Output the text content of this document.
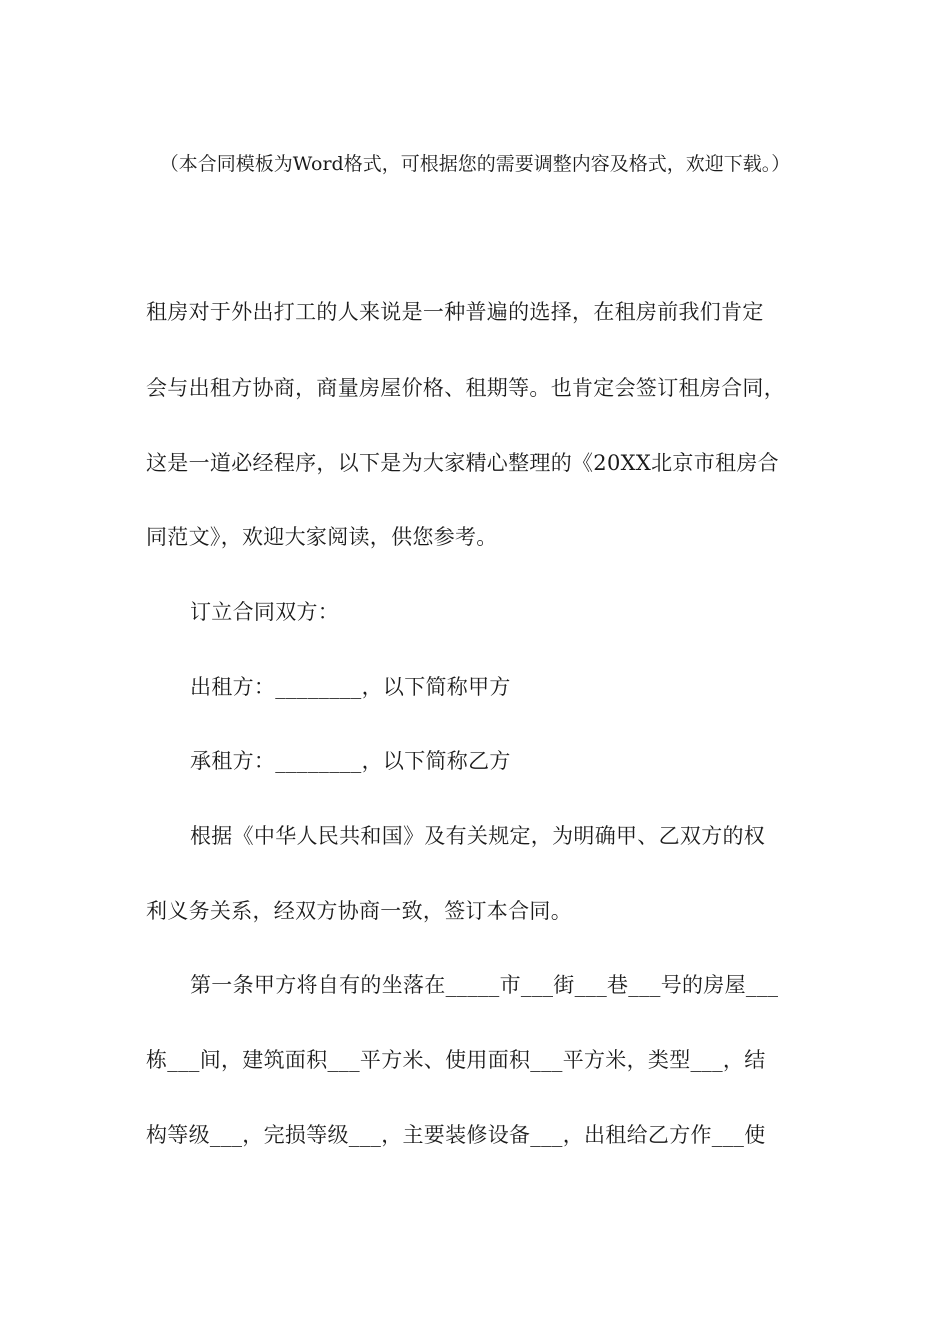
（本合同模板为Word格式，可根据您的需要调整内容及格式，欢迎下载。）
租房对于外出打工的人来说是一种普遍的选择，在租房前我们肯定
会与出租方协商，商量房屋价格、租期等。也肯定会签订租房合同，
这是一道必经程序，以下是为大家精心整理的《20XX北京市租房合
同范文》，欢迎大家阅读，供您参考。
订立合同双方：
出租方：________，以下简称甲方
承租方：________，以下简称乙方
根据《中华人民共和国》及有关规定，为明确甲、乙双方的权
利义务关系，经双方协商一致，签订本合同。
第一条甲方将自有的坐落在_____市___街___巷___号的房屋___
栋___间，建筑面积___平方米、使用面积___平方米，类型___，结
构等级___，完损等级___，主要装修设备___，出租给乙方作___使
